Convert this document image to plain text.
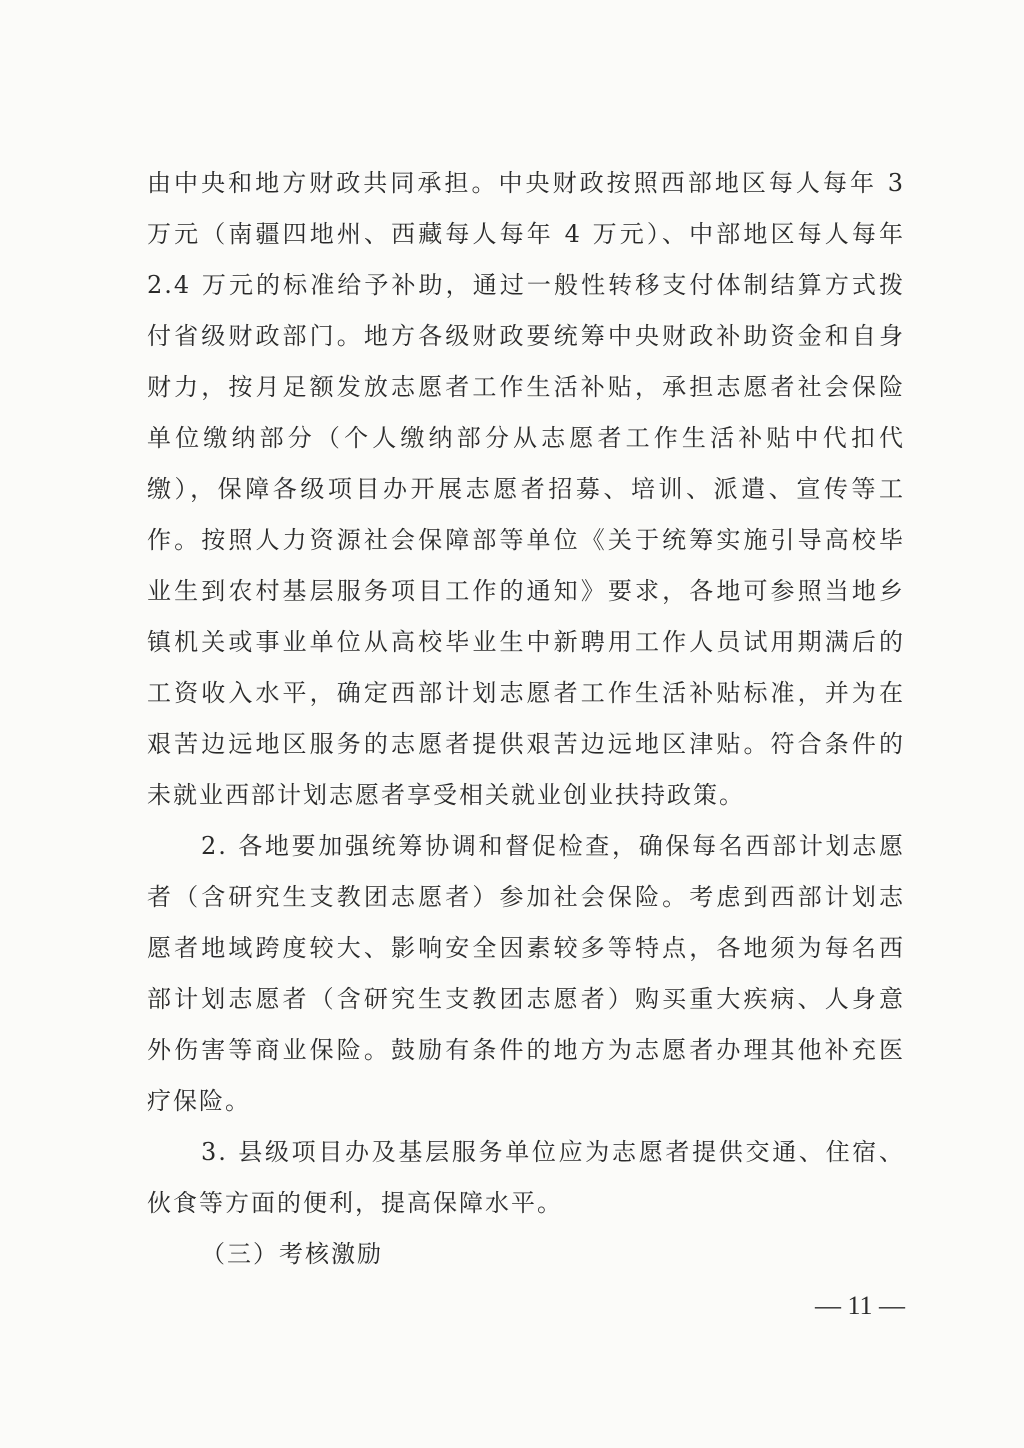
由中央和地方财政共同承担。中央财政按照西部地区每人每年 3
万元（南疆四地州、西藏每人每年 4 万元）、中部地区每人每年
2.4 万元的标准给予补助，通过一般性转移支付体制结算方式拨
付省级财政部门。地方各级财政要统筹中央财政补助资金和自身
财力，按月足额发放志愿者工作生活补贴，承担志愿者社会保险
单位缴纳部分（个人缴纳部分从志愿者工作生活补贴中代扣代
缴），保障各级项目办开展志愿者招募、培训、派遣、宣传等工
作。按照人力资源社会保障部等单位《关于统筹实施引导高校毕
业生到农村基层服务项目工作的通知》要求，各地可参照当地乡
镇机关或事业单位从高校毕业生中新聘用工作人员试用期满后的
工资收入水平，确定西部计划志愿者工作生活补贴标准，并为在
艰苦边远地区服务的志愿者提供艰苦边远地区津贴。符合条件的
未就业西部计划志愿者享受相关就业创业扶持政策。
2. 各地要加强统筹协调和督促检查，确保每名西部计划志愿
者（含研究生支教团志愿者）参加社会保险。考虑到西部计划志
愿者地域跨度较大、影响安全因素较多等特点，各地须为每名西
部计划志愿者（含研究生支教团志愿者）购买重大疾病、人身意
外伤害等商业保险。鼓励有条件的地方为志愿者办理其他补充医
疗保险。
3. 县级项目办及基层服务单位应为志愿者提供交通、住宿、
伙食等方面的便利，提高保障水平。
（三）考核激励
— 11 —
